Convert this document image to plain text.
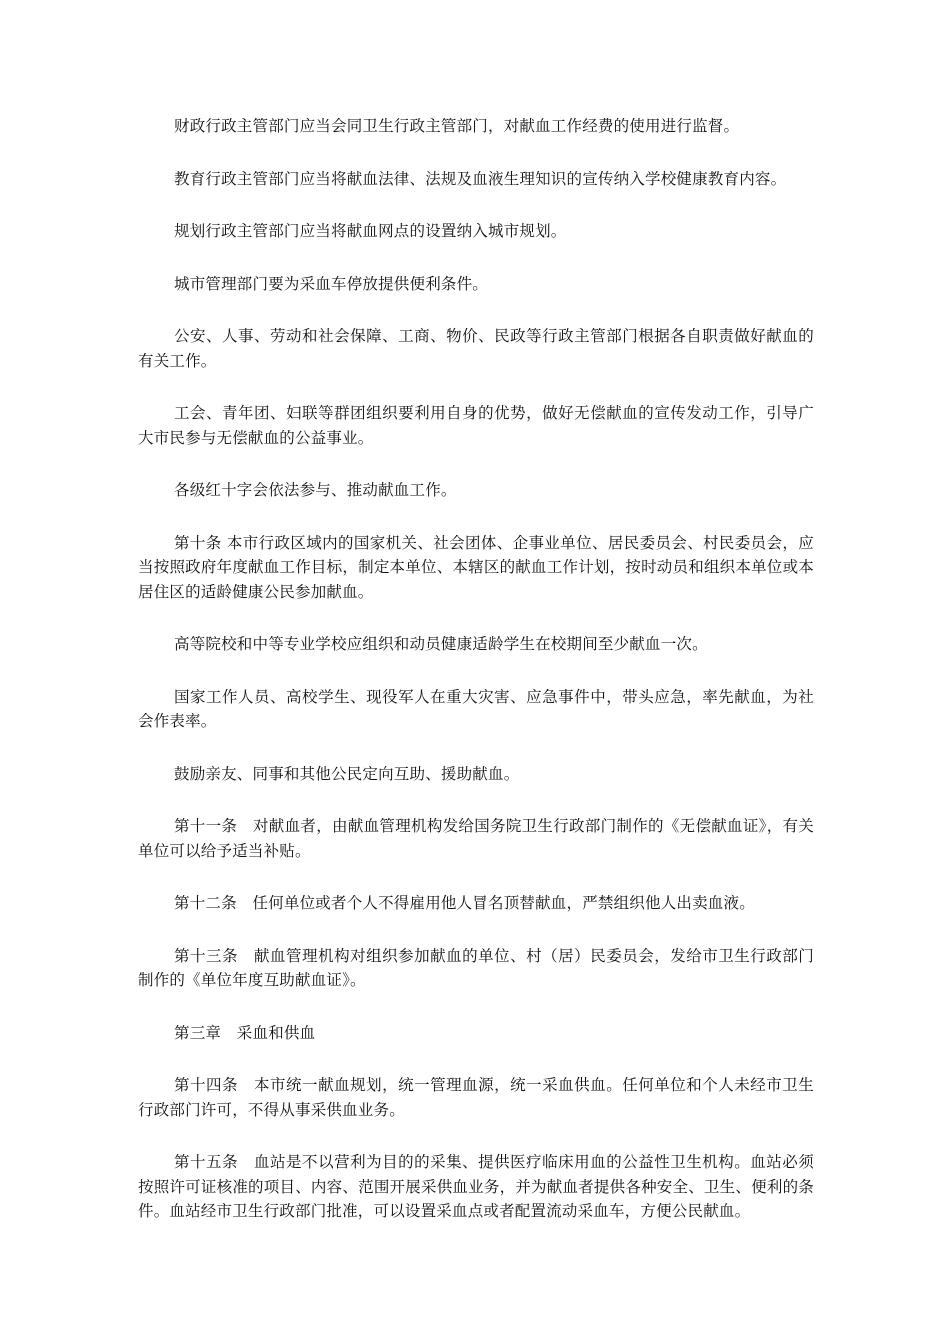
财政行政主管部门应当会同卫生行政主管部门，对献血工作经费的使用进行监督。

教育行政主管部门应当将献血法律、法规及血液生理知识的宣传纳入学校健康教育内容。

规划行政主管部门应当将献血网点的设置纳入城市规划。

城市管理部门要为采血车停放提供便利条件。

公安、人事、劳动和社会保障、工商、物价、民政等行政主管部门根据各自职责做好献血的有关工作。

工会、青年团、妇联等群团组织要利用自身的优势，做好无偿献血的宣传发动工作，引导广大市民参与无偿献血的公益事业。

各级红十字会依法参与、推动献血工作。

第十条 本市行政区域内的国家机关、社会团体、企事业单位、居民委员会、村民委员会，应当按照政府年度献血工作目标，制定本单位、本辖区的献血工作计划，按时动员和组织本单位或本居住区的适龄健康公民参加献血。

高等院校和中等专业学校应组织和动员健康适龄学生在校期间至少献血一次。

国家工作人员、高校学生、现役军人在重大灾害、应急事件中，带头应急，率先献血，为社会作表率。

鼓励亲友、同事和其他公民定向互助、援助献血。

第十一条　对献血者，由献血管理机构发给国务院卫生行政部门制作的《无偿献血证》，有关单位可以给予适当补贴。

第十二条　任何单位或者个人不得雇用他人冒名顶替献血，严禁组织他人出卖血液。

第十三条　献血管理机构对组织参加献血的单位、村（居）民委员会，发给市卫生行政部门制作的《单位年度互助献血证》。

第三章　采血和供血

第十四条　本市统一献血规划，统一管理血源，统一采血供血。任何单位和个人未经市卫生行政部门许可，不得从事采供血业务。

第十五条　血站是不以营利为目的的采集、提供医疗临床用血的公益性卫生机构。血站必须按照许可证核准的项目、内容、范围开展采供血业务，并为献血者提供各种安全、卫生、便利的条件。血站经市卫生行政部门批准，可以设置采血点或者配置流动采血车，方便公民献血。
